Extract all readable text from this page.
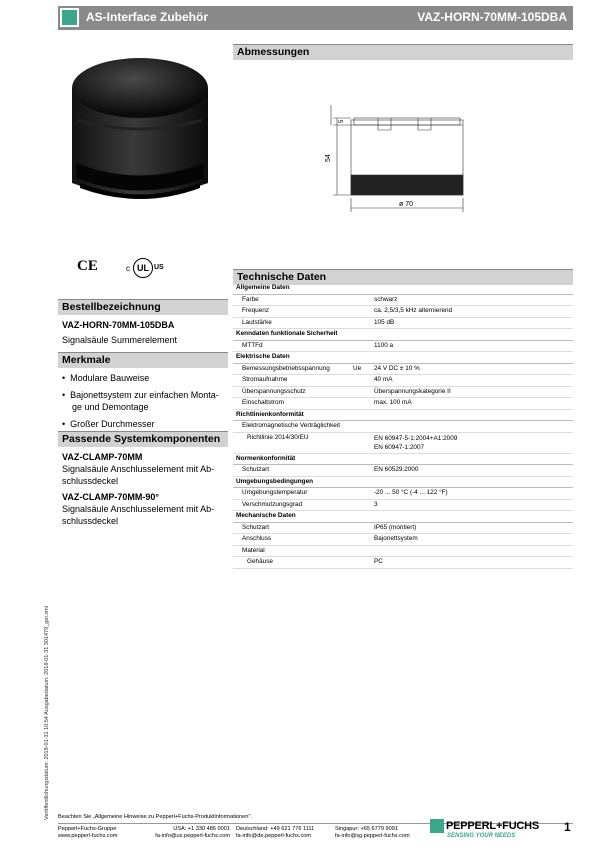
AS-Interface Zubehör	VAZ-HORN-70MM-105DBA
CE	c UL US
Bestellbezeichnung
VAZ-HORN-70MM-105DBA
Signalsäule Summerelement
Merkmale
•  Modulare Bauweise
•  Bajonettsystem zur einfachen Monta-
ge und Demontage
•  Großer Durchmesser
Passende Systemkomponenten
VAZ-CLAMP-70MM
Signalsäule Anschlusselement mit Ab-
schlussdeckel
VAZ-CLAMP-70MM-90°
Signalsäule Anschlusselement mit Ab-
schlussdeckel
Abmessungen
54
5
ø 70
Technische Daten
Allgemeine Daten
Farbe	schwarz
Frequenz	ca. 2,5/3,5 kHz alternierend
Lautstärke	105 dB
Kenndaten funktionale Sicherheit
MTTFd	1100 a
Elektrische Daten
Bemessungsbetriebsspannung	Ue 24 V DC ± 10 %
Stromaufnahme	40 mA
Überspannungsschutz	Überspannungskategorie II
Einschaltstrom	max. 100 mA
Richtlinienkonformität
Elektromagnetische Verträglichkeit
Richtlinie 2014/30/EU	EN 60947-5-1:2004+A1:2009
EN 60947-1:2007
Normenkonformität
Schutzart	EN 60529:2000
Umgebungsbedingungen
Umgebungstemperatur	-20 ... 50 °C (-4 ... 122 °F)
Verschmutzungsgrad	3
Mechanische Daten
Schutzart	IP65 (montiert)
Anschluss	Bajonettsystem
Material
Gehäuse	PC
Veröffentlichungsdatum: 2018-01-31 10:54 Ausgabedatum: 2018-01-31 301479_ger.xml Beachten Sie „Allgemeine Hinweise zu Pepperl+Fuchs-Produktinformationen".
Pepperl+Fuchs-Gruppe
www.pepperl-fuchs.com
USA: +1 330 486 0001
fa-info@us.pepperl-fuchs.com
Deutschland: +49 621 776 1111
fa-info@de.pepperl-fuchs.com
Singapur: +65 6779 9091
fa-info@sg.pepperl-fuchs.com
PEPPERL+FUCHS
SENSING YOUR NEEDS
1
